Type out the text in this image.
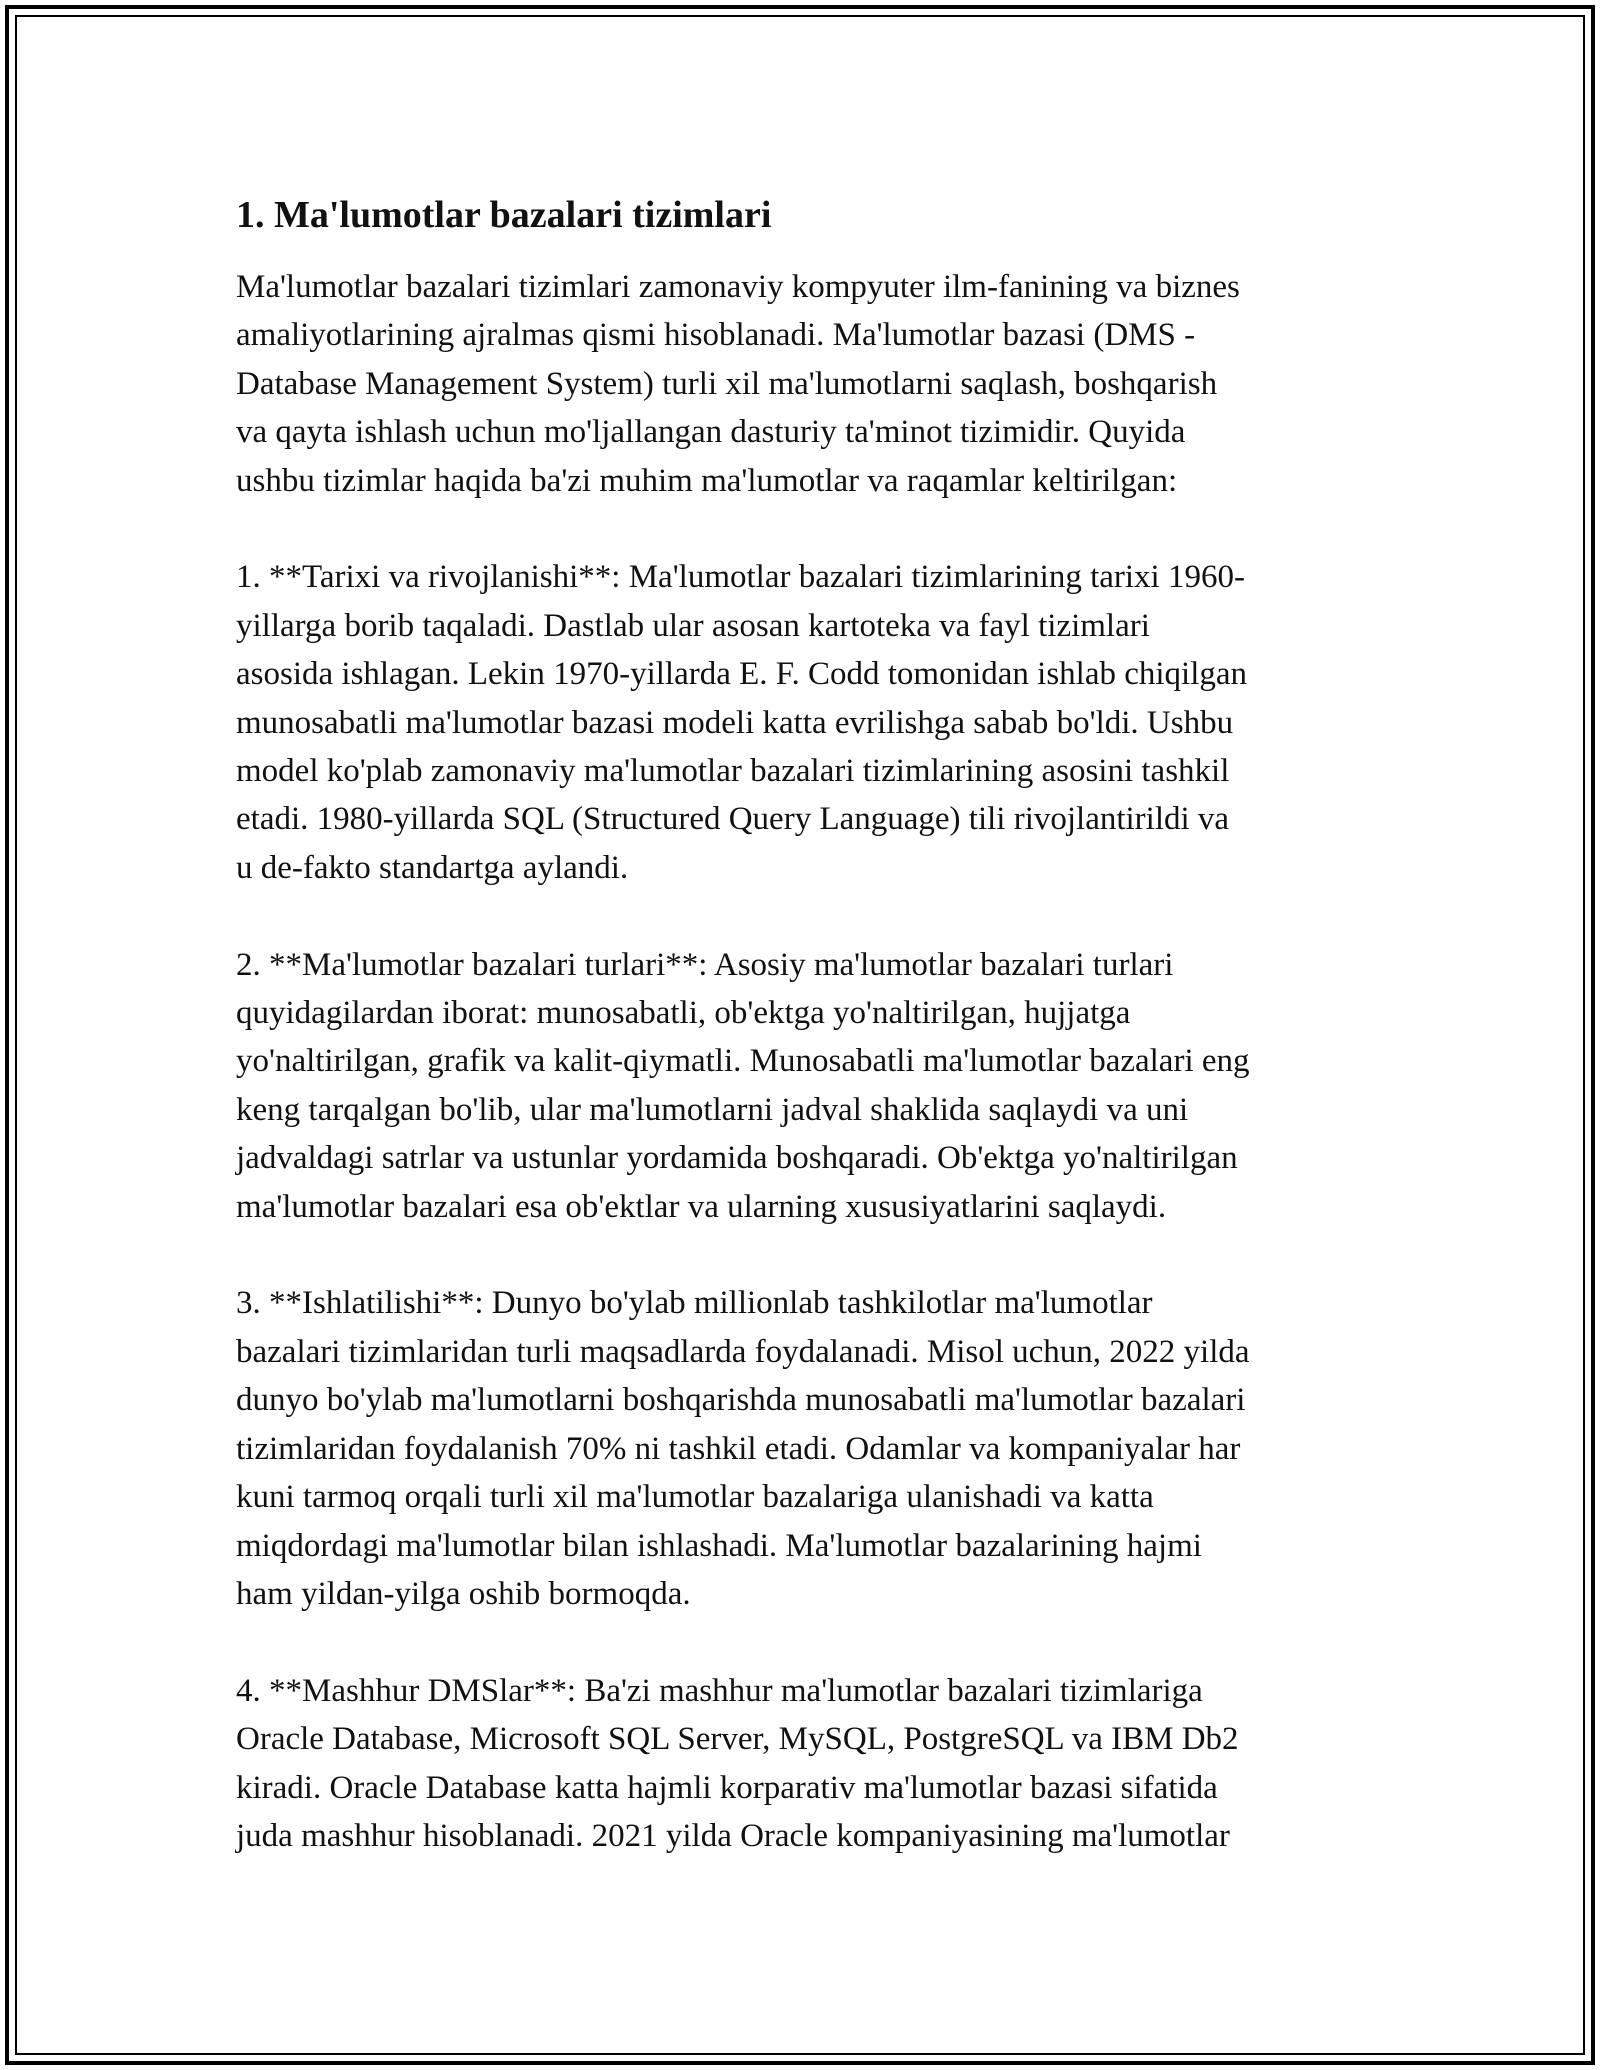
1. Ma'lumotlar bazalari tizimlari

Ma'lumotlar bazalari tizimlari zamonaviy kompyuter ilm-fanining va biznes
amaliyotlarining ajralmas qismi hisoblanadi. Ma'lumotlar bazasi (DMS -
Database Management System) turli xil ma'lumotlarni saqlash, boshqarish
va qayta ishlash uchun mo'ljallangan dasturiy ta'minot tizimidir. Quyida
ushbu tizimlar haqida ba'zi muhim ma'lumotlar va raqamlar keltirilgan:

1. **Tarixi va rivojlanishi**: Ma'lumotlar bazalari tizimlarining tarixi 1960-
yillarga borib taqaladi. Dastlab ular asosan kartoteka va fayl tizimlari
asosida ishlagan. Lekin 1970-yillarda E. F. Codd tomonidan ishlab chiqilgan
munosabatli ma'lumotlar bazasi modeli katta evrilishga sabab bo'ldi. Ushbu
model ko'plab zamonaviy ma'lumotlar bazalari tizimlarining asosini tashkil
etadi. 1980-yillarda SQL (Structured Query Language) tili rivojlantirildi va
u de-fakto standartga aylandi.

2. **Ma'lumotlar bazalari turlari**: Asosiy ma'lumotlar bazalari turlari
quyidagilardan iborat: munosabatli, ob'ektga yo'naltirilgan, hujjatga
yo'naltirilgan, grafik va kalit-qiymatli. Munosabatli ma'lumotlar bazalari eng
keng tarqalgan bo'lib, ular ma'lumotlarni jadval shaklida saqlaydi va uni
jadvaldagi satrlar va ustunlar yordamida boshqaradi. Ob'ektga yo'naltirilgan
ma'lumotlar bazalari esa ob'ektlar va ularning xususiyatlarini saqlaydi.

3. **Ishlatilishi**: Dunyo bo'ylab millionlab tashkilotlar ma'lumotlar
bazalari tizimlaridan turli maqsadlarda foydalanadi. Misol uchun, 2022 yilda
dunyo bo'ylab ma'lumotlarni boshqarishda munosabatli ma'lumotlar bazalari
tizimlaridan foydalanish 70% ni tashkil etadi. Odamlar va kompaniyalar har
kuni tarmoq orqali turli xil ma'lumotlar bazalariga ulanishadi va katta
miqdordagi ma'lumotlar bilan ishlashadi. Ma'lumotlar bazalarining hajmi
ham yildan-yilga oshib bormoqda.

4. **Mashhur DMSlar**: Ba'zi mashhur ma'lumotlar bazalari tizimlariga
Oracle Database, Microsoft SQL Server, MySQL, PostgreSQL va IBM Db2
kiradi. Oracle Database katta hajmli korparativ ma'lumotlar bazasi sifatida
juda mashhur hisoblanadi. 2021 yilda Oracle kompaniyasining ma'lumotlar
